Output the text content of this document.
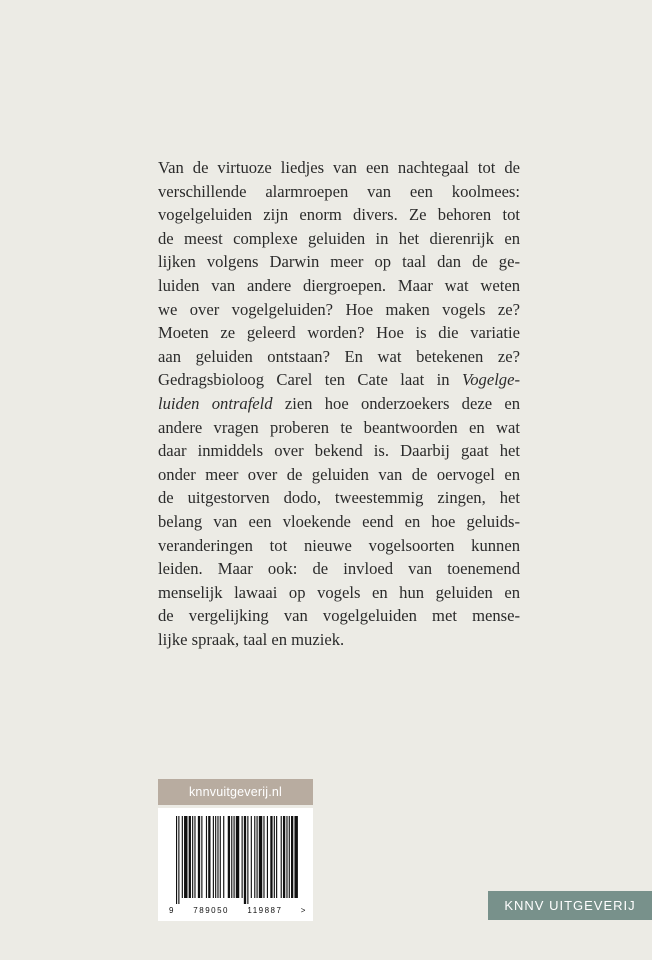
Van de virtuoze liedjes van een nachtegaal tot de
verschillende alarmroepen van een koolmees:
vogelgeluiden zijn enorm divers. Ze behoren tot
de meest complexe geluiden in het dierenrijk en
lijken volgens Darwin meer op taal dan de ge-
luiden van andere diergroepen. Maar wat weten
we over vogelgeluiden? Hoe maken vogels ze?
Moeten ze geleerd worden? Hoe is die variatie
aan geluiden ontstaan? En wat betekenen ze?
Gedragsbioloog Carel ten Cate laat in Vogelge-
luiden ontrafeld zien hoe onderzoekers deze en
andere vragen proberen te beantwoorden en wat
daar inmiddels over bekend is. Daarbij gaat het
onder meer over de geluiden van de oervogel en
de uitgestorven dodo, tweestemmig zingen, het
belang van een vloekende eend en hoe geluids-
veranderingen tot nieuwe vogelsoorten kunnen
leiden. Maar ook: de invloed van toenemend
menselijk lawaai op vogels en hun geluiden en
de vergelijking van vogelgeluiden met mense-
lijke spraak, taal en muziek.
knnvuitgeverij.nl
9 789050 119887 >	KNNV UITGEVERIJ
